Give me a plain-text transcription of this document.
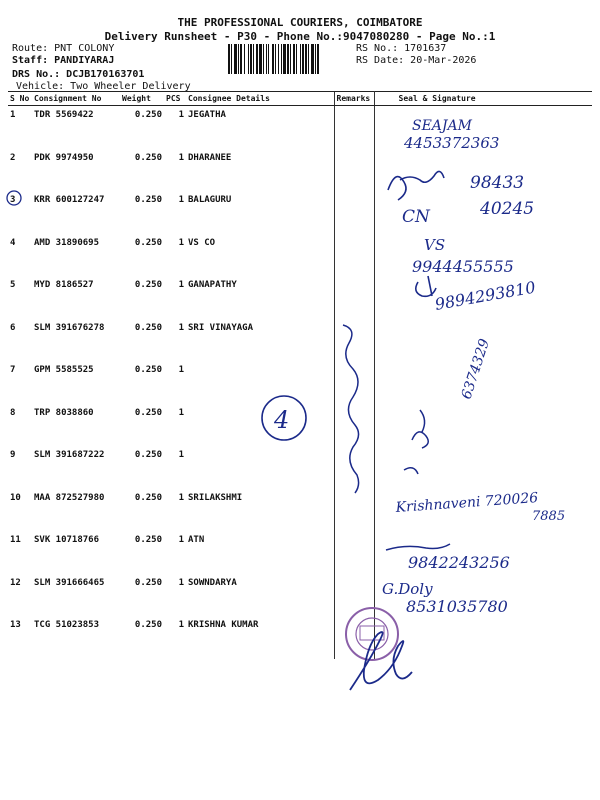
THE PROFESSIONAL COURIERS, COIMBATORE
Delivery Runsheet - P30 - Phone No.:9047080280 - Page No.:1
Route: PNT COLONY
Staff: PANDIYARAJ
DRS No.: DCJB170163701
Vehicle: Two Wheeler Delivery
RS No.: 1701637
RS Date: 20-Mar-2026
S No	Consignment No	Weight	PCS	Consignee Details	Remarks	Seal & Signature
1	TDR 5569422	0.250	1	JEGATHA		
2	PDK 9974950	0.250	1	DHARANEE		
3	KRR 600127247	0.250	1	BALAGURU		
4	AMD 31890695	0.250	1	VS CO		
5	MYD 8186527	0.250	1	GANAPATHY		
6	SLM 391676278	0.250	1	SRI VINAYAGA		
7	GPM 5585525	0.250	1			
8	TRP 8038860	0.250	1			
9	SLM 391687222	0.250	1			
10	MAA 872527980	0.250	1	SRILAKSHMI		
11	SVK 10718766	0.250	1	ATN		
12	SLM 391666465	0.250	1	SOWNDARYA		
13	TCG 51023853	0.250	1	KRISHNA KUMAR		
SEAJAM
4453372363
98433
40245
CN
VS
9944455555
9894293810
4
6374329
Krishnaveni 720026
7885
9842243256
G.Doly
8531035780
